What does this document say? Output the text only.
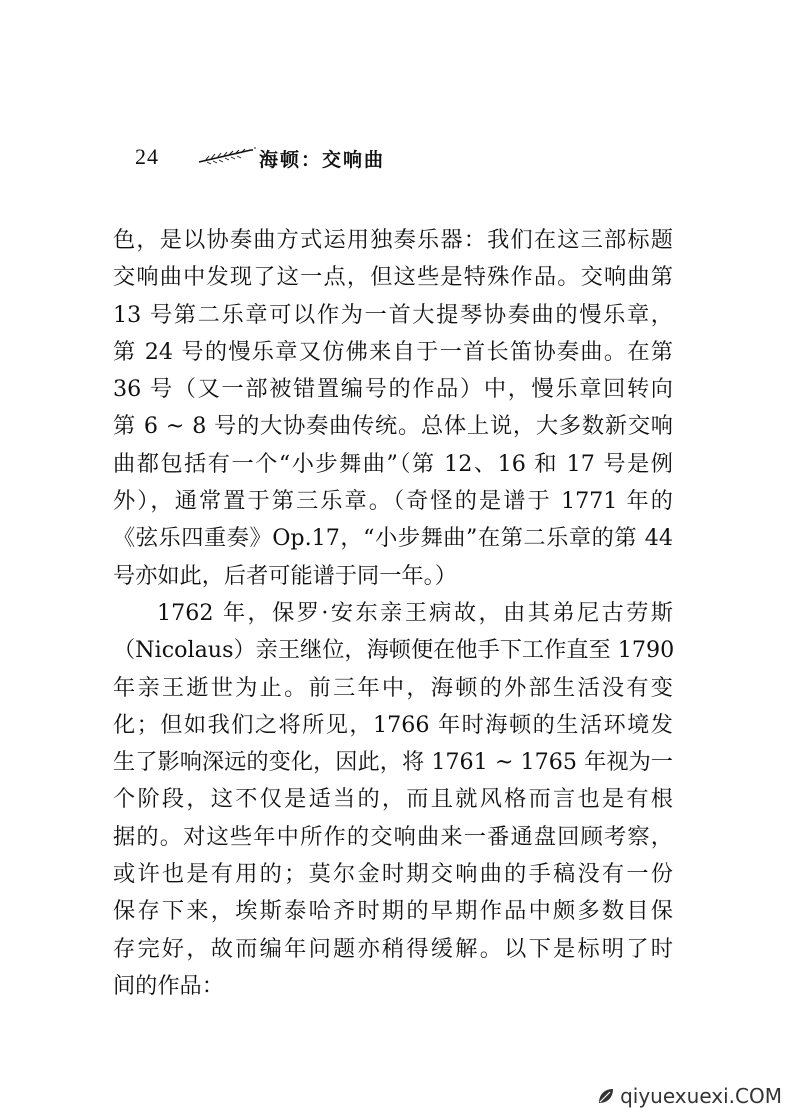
24	海顿：交响曲
色，是以协奏曲方式运用独奏乐器：我们在这三部标题
交响曲中发现了这一点，但这些是特殊作品。交响曲第
13 号第二乐章可以作为一首大提琴协奏曲的慢乐章，
第 24 号的慢乐章又仿佛来自于一首长笛协奏曲。在第
36 号（又一部被错置编号的作品）中，慢乐章回转向
第 6 ~ 8 号的大协奏曲传统。总体上说，大多数新交响
曲都包括有一个“小步舞曲”（第 12、16 和 17 号是例
外），通常置于第三乐章。（奇怪的是谱于 1771 年的
《弦乐四重奏》Op.17，“小步舞曲”在第二乐章的第 44
号亦如此，后者可能谱于同一年。）
1762 年，保罗·安东亲王病故，由其弟尼古劳斯
（Nicolaus）亲王继位，海顿便在他手下工作直至 1790
年亲王逝世为止。前三年中，海顿的外部生活没有变
化；但如我们之将所见，1766 年时海顿的生活环境发
生了影响深远的变化，因此，将 1761 ~ 1765 年视为一
个阶段，这不仅是适当的，而且就风格而言也是有根
据的。对这些年中所作的交响曲来一番通盘回顾考察，
或许也是有用的；莫尔金时期交响曲的手稿没有一份
保存下来，埃斯泰哈齐时期的早期作品中颇多数目保
存完好，故而编年问题亦稍得缓解。以下是标明了时
间的作品：
qiyuexuexi.COM
